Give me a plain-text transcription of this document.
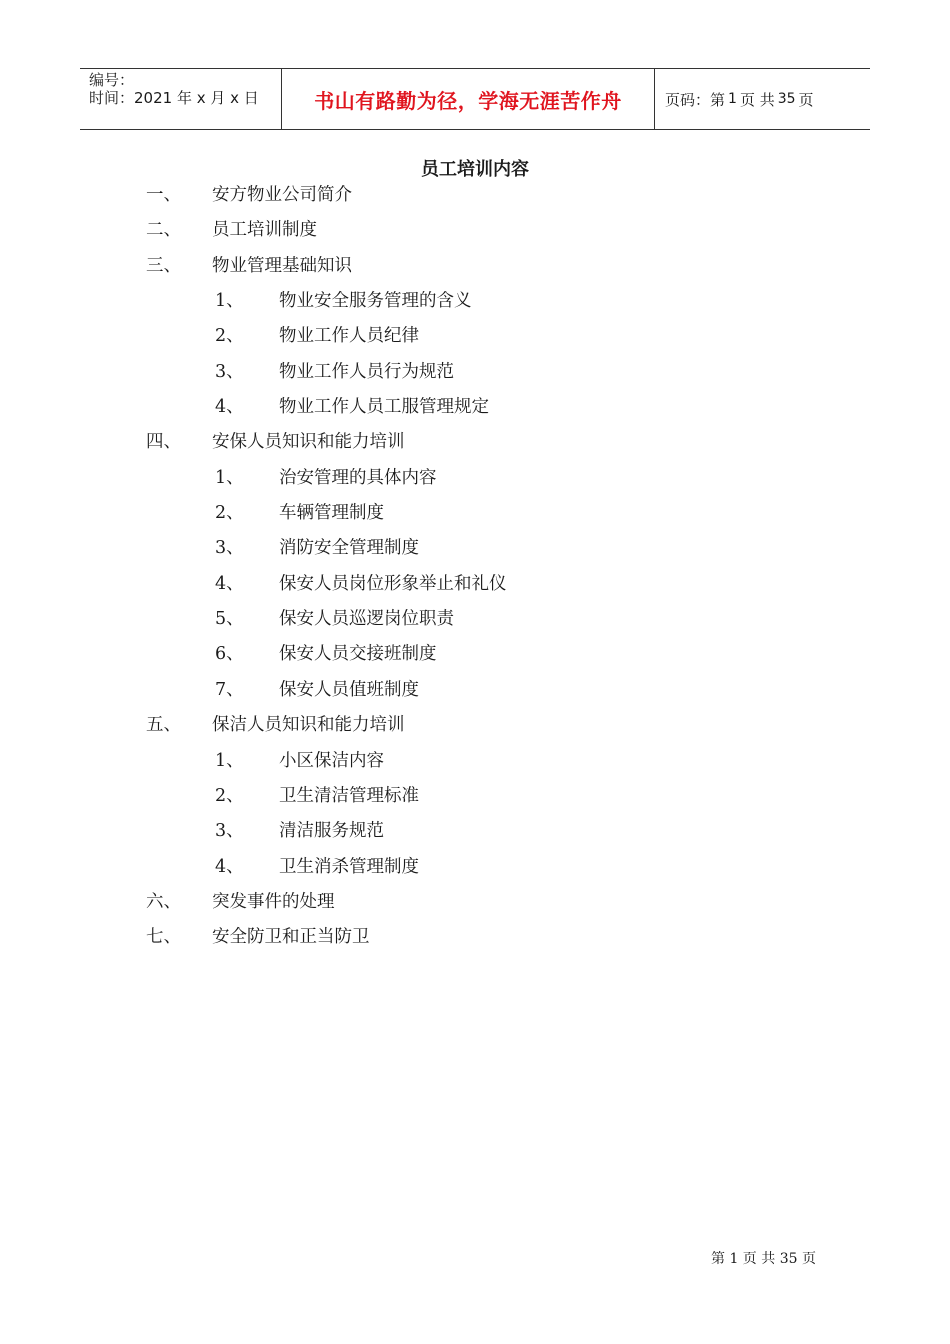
编号：
时间：2021 年 x 月 x 日	书山有路勤为径，学海无涯苦作舟	页码：第 1 页 共 35 页
员工培训内容
一、 安方物业公司简介
二、 员工培训制度
三、 物业管理基础知识
1、 物业安全服务管理的含义
2、 物业工作人员纪律
3、 物业工作人员行为规范
4、 物业工作人员工服管理规定
四、 安保人员知识和能力培训
1、 治安管理的具体内容
2、 车辆管理制度
3、 消防安全管理制度
4、 保安人员岗位形象举止和礼仪
5、 保安人员巡逻岗位职责
6、 保安人员交接班制度
7、 保安人员值班制度
五、 保洁人员知识和能力培训
1、 小区保洁内容
2、 卫生清洁管理标准
3、 清洁服务规范
4、 卫生消杀管理制度
六、 突发事件的处理
七、 安全防卫和正当防卫
第 1 页 共 35 页
